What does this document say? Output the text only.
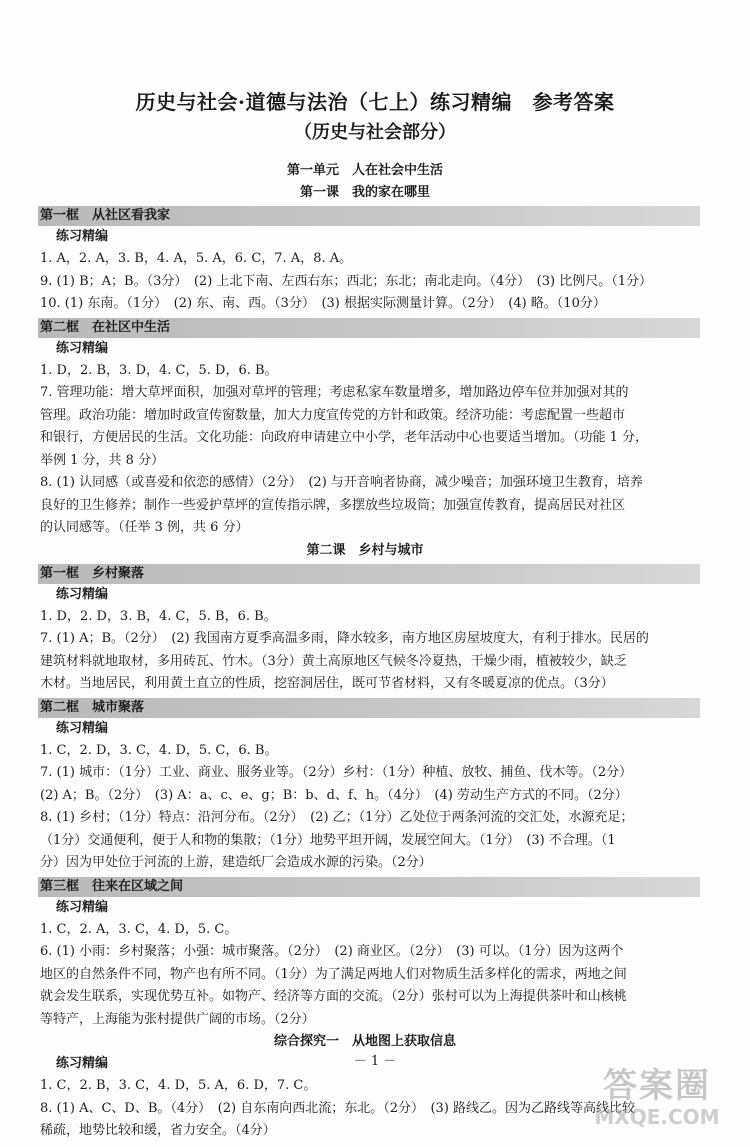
历史与社会·道德与法治（七上）练习精编　参考答案
（历史与社会部分）
第一单元　人在社会中生活
第一课　我的家在哪里
第一框　从社区看我家
练习精编
1. A，2. A，3. B，4. A，5. A，6. C，7. A，8. A。
9. (1) B；A；B。（3分）　(2) 上北下南、左西右东；西北；东北；南北走向。（4分）　(3) 比例尺。（1分）
10. (1) 东南。（1分）　(2) 东、南、西。（3分）　(3) 根据实际测量计算。（2分）　(4) 略。（10分）
第二框　在社区中生活
练习精编
1. D，2. B，3. D，4. C，5. D，6. B。
7. 管理功能：增大草坪面积，加强对草坪的管理；考虑私家车数量增多，增加路边停车位并加强对其的
管理。政治功能：增加时政宣传窗数量，加大力度宣传党的方针和政策。经济功能：考虑配置一些超市
和银行，方便居民的生活。文化功能：向政府申请建立中小学，老年活动中心也要适当增加。（功能 1 分，
举例 1 分，共 8 分）
8. (1) 认同感（或喜爱和依恋的感情）（2分）　(2) 与开音响者协商，减少噪音；加强环境卫生教育，培养
良好的卫生修养；制作一些爱护草坪的宣传指示牌，多摆放些垃圾筒；加强宣传教育，提高居民对社区
的认同感等。（任举 3 例，共 6 分）
第二课　乡村与城市
第一框　乡村聚落
练习精编
1. D，2. D，3. B，4. C，5. B，6. B。
7. (1) A；B。（2分）　(2) 我国南方夏季高温多雨，降水较多，南方地区房屋坡度大，有利于排水。民居的
建筑材料就地取材，多用砖瓦、竹木。（3分）黄土高原地区气候冬冷夏热，干燥少雨，植被较少，缺乏
木材。当地居民，利用黄土直立的性质，挖窑洞居住，既可节省材料，又有冬暖夏凉的优点。（3分）
第二框　城市聚落
练习精编
1. C，2. D，3. C，4. D，5. C，6. B。
7. (1) 城市：（1分）工业、商业、服务业等。（2分）乡村：（1分）种植、放牧、捕鱼、伐木等。（2分）
(2) A；B。（2分）　(3) A：a、c、e、g；B：b、d、f、h。（4分）　(4) 劳动生产方式的不同。（2分）
8. (1) 乡村；（1分）特点：沿河分布。（2分）　(2) 乙；（1分）乙处位于两条河流的交汇处，水源充足；
（1分）交通便利，便于人和物的集散；（1分）地势平坦开阔，发展空间大。（1分）　(3) 不合理。（1
分）因为甲处位于河流的上游，建造纸厂会造成水源的污染。（2分）
第三框　往来在区域之间
练习精编
1. C，2. A，3. C，4. D，5. C。
6. (1) 小雨：乡村聚落；小强：城市聚落。（2分）　(2) 商业区。（2分）　(3) 可以。（1分）因为这两个
地区的自然条件不同，物产也有所不同。（1分）为了满足两地人们对物质生活多样化的需求，两地之间
就会发生联系，实现优势互补。如物产、经济等方面的交流。（2分）张村可以为上海提供茶叶和山核桃
等特产，上海能为张村提供广阔的市场。（2分）
综合探究一　从地图上获取信息
练习精编
1. C，2. B，3. C，4. D，5. A，6. D，7. C。
8. (1) A、C、D、B。（4分）　(2) 自东南向西北流；东北。（2分）　(3) 路线乙。因为乙路线等高线比较
稀疏，地势比较和缓，省力安全。（4分）
－ 1 －
答案圈
MXQE.COM
